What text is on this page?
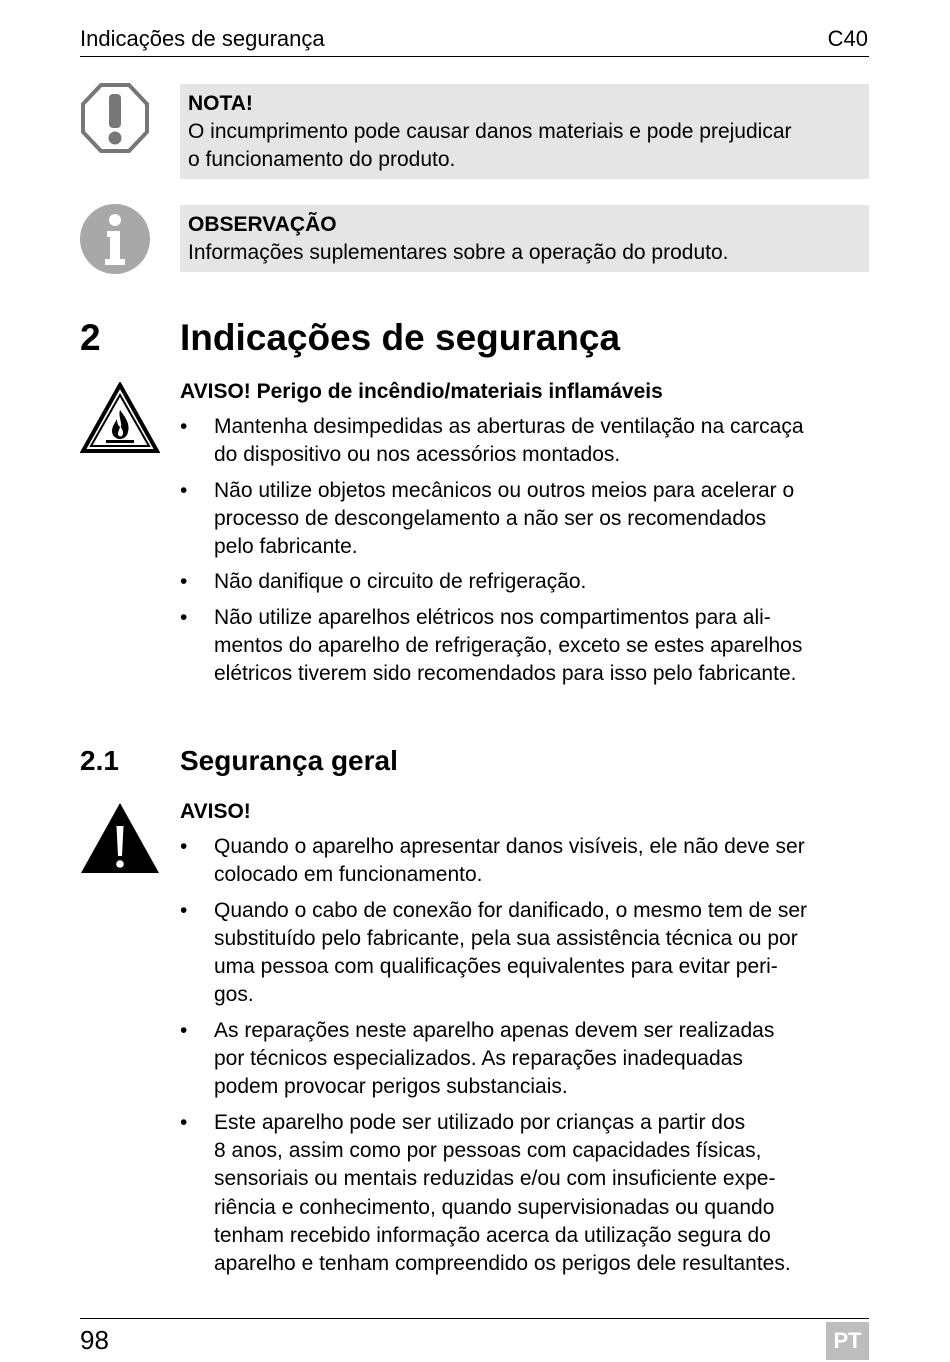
Indicações de segurança	C40
NOTA!
O incumprimento pode causar danos materiais e pode prejudicar
o funcionamento do produto.
OBSERVAÇÃO
Informações suplementares sobre a operação do produto.
2 Indicações de segurança
AVISO! Perigo de incêndio/materiais inflamáveis
• Mantenha desimpedidas as aberturas de ventilação na carcaça
do dispositivo ou nos acessórios montados.
• Não utilize objetos mecânicos ou outros meios para acelerar o
processo de descongelamento a não ser os recomendados
pelo fabricante.
• Não danifique o circuito de refrigeração.
• Não utilize aparelhos elétricos nos compartimentos para ali-
mentos do aparelho de refrigeração, exceto se estes aparelhos
elétricos tiverem sido recomendados para isso pelo fabricante.
2.1 Segurança geral
AVISO!
• Quando o aparelho apresentar danos visíveis, ele não deve ser
colocado em funcionamento.
• Quando o cabo de conexão for danificado, o mesmo tem de ser
substituído pelo fabricante, pela sua assistência técnica ou por
uma pessoa com qualificações equivalentes para evitar peri-
gos.
• As reparações neste aparelho apenas devem ser realizadas
por técnicos especializados. As reparações inadequadas
podem provocar perigos substanciais.
• Este aparelho pode ser utilizado por crianças a partir dos
8 anos, assim como por pessoas com capacidades físicas,
sensoriais ou mentais reduzidas e/ou com insuficiente expe-
riência e conhecimento, quando supervisionadas ou quando
tenham recebido informação acerca da utilização segura do
aparelho e tenham compreendido os perigos dele resultantes.
98	PT
